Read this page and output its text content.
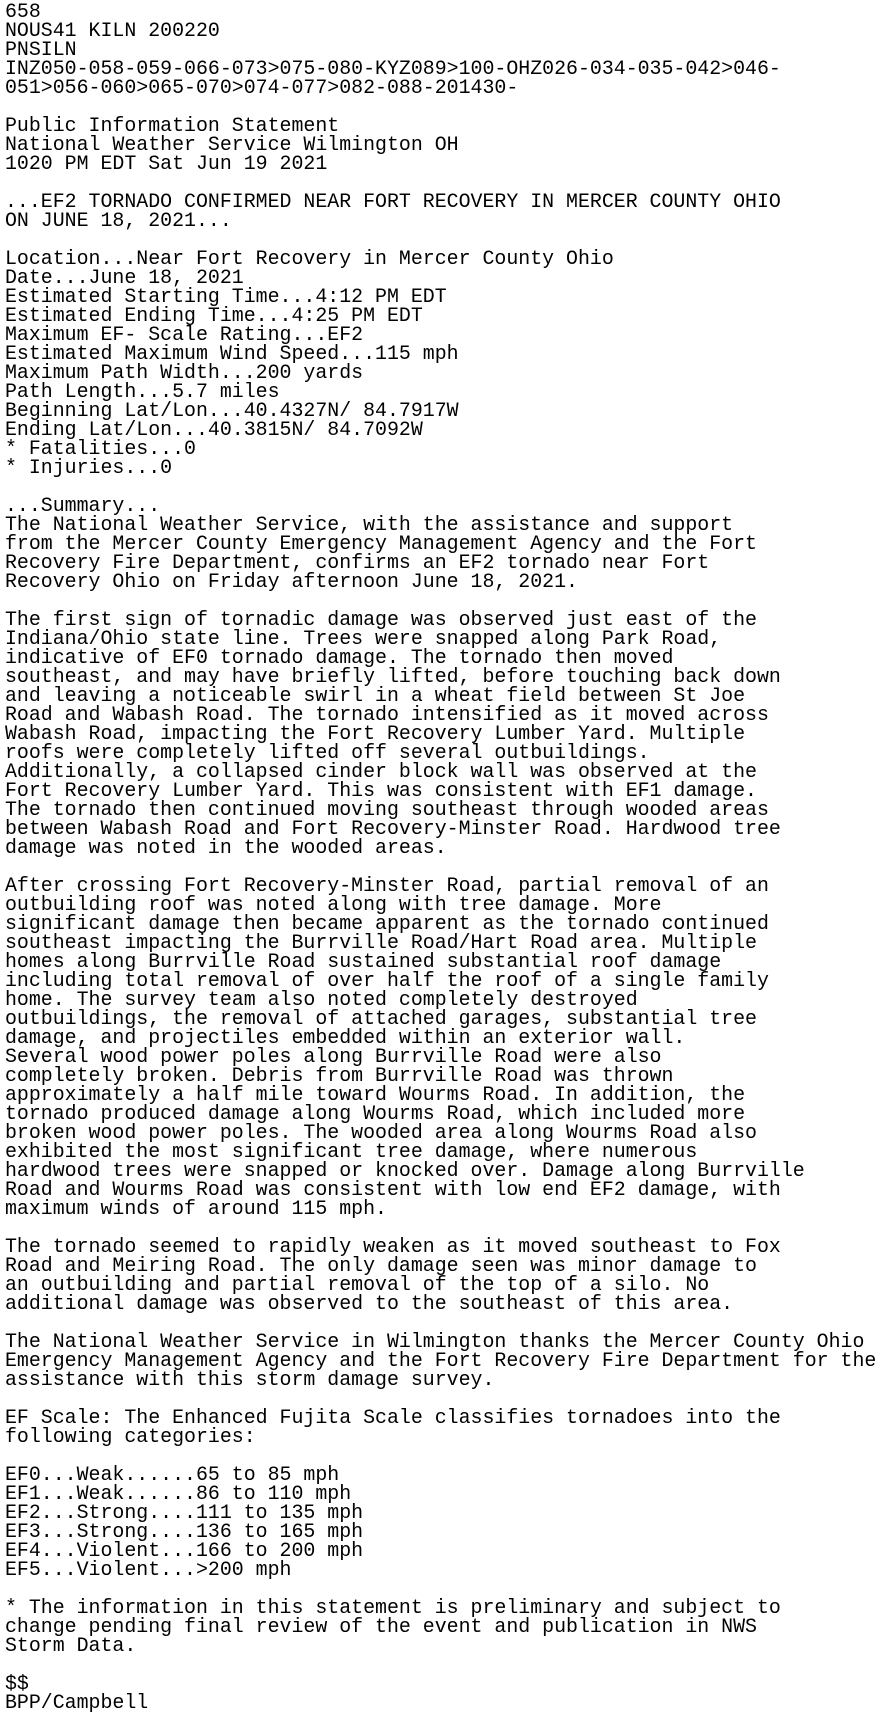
658
NOUS41 KILN 200220
PNSILN
INZ050-058-059-066-073>075-080-KYZ089>100-OHZ026-034-035-042>046-
051>056-060>065-070>074-077>082-088-201430-
Public Information Statement
National Weather Service Wilmington OH
1020 PM EDT Sat Jun 19 2021
...EF2 TORNADO CONFIRMED NEAR FORT RECOVERY IN MERCER COUNTY OHIO
ON JUNE 18, 2021...
Location...Near Fort Recovery in Mercer County Ohio
Date...June 18, 2021
Estimated Starting Time...4:12 PM EDT
Estimated Ending Time...4:25 PM EDT
Maximum EF- Scale Rating...EF2
Estimated Maximum Wind Speed...115 mph
Maximum Path Width...200 yards
Path Length...5.7 miles
Beginning Lat/Lon...40.4327N/ 84.7917W
Ending Lat/Lon...40.3815N/ 84.7092W
* Fatalities...0
* Injuries...0
...Summary...
The National Weather Service, with the assistance and support
from the Mercer County Emergency Management Agency and the Fort
Recovery Fire Department, confirms an EF2 tornado near Fort
Recovery Ohio on Friday afternoon June 18, 2021.
The first sign of tornadic damage was observed just east of the
Indiana/Ohio state line. Trees were snapped along Park Road,
indicative of EF0 tornado damage. The tornado then moved
southeast, and may have briefly lifted, before touching back down
and leaving a noticeable swirl in a wheat field between St Joe
Road and Wabash Road. The tornado intensified as it moved across
Wabash Road, impacting the Fort Recovery Lumber Yard. Multiple
roofs were completely lifted off several outbuildings.
Additionally, a collapsed cinder block wall was observed at the
Fort Recovery Lumber Yard. This was consistent with EF1 damage.
The tornado then continued moving southeast through wooded areas
between Wabash Road and Fort Recovery-Minster Road. Hardwood tree
damage was noted in the wooded areas.
After crossing Fort Recovery-Minster Road, partial removal of an
outbuilding roof was noted along with tree damage. More
significant damage then became apparent as the tornado continued
southeast impacting the Burrville Road/Hart Road area. Multiple
homes along Burrville Road sustained substantial roof damage
including total removal of over half the roof of a single family
home. The survey team also noted completely destroyed
outbuildings, the removal of attached garages, substantial tree
damage, and projectiles embedded within an exterior wall.
Several wood power poles along Burrville Road were also
completely broken. Debris from Burrville Road was thrown
approximately a half mile toward Wourms Road. In addition, the
tornado produced damage along Wourms Road, which included more
broken wood power poles. The wooded area along Wourms Road also
exhibited the most significant tree damage, where numerous
hardwood trees were snapped or knocked over. Damage along Burrville
Road and Wourms Road was consistent with low end EF2 damage, with
maximum winds of around 115 mph.
The tornado seemed to rapidly weaken as it moved southeast to Fox
Road and Meiring Road. The only damage seen was minor damage to
an outbuilding and partial removal of the top of a silo. No
additional damage was observed to the southeast of this area.
The National Weather Service in Wilmington thanks the Mercer County Ohio
Emergency Management Agency and the Fort Recovery Fire Department for the
assistance with this storm damage survey.
EF Scale: The Enhanced Fujita Scale classifies tornadoes into the
following categories:
EF0...Weak......65 to 85 mph
EF1...Weak......86 to 110 mph
EF2...Strong....111 to 135 mph
EF3...Strong....136 to 165 mph
EF4...Violent...166 to 200 mph
EF5...Violent...>200 mph
* The information in this statement is preliminary and subject to
change pending final review of the event and publication in NWS
Storm Data.
$$
BPP/Campbell
